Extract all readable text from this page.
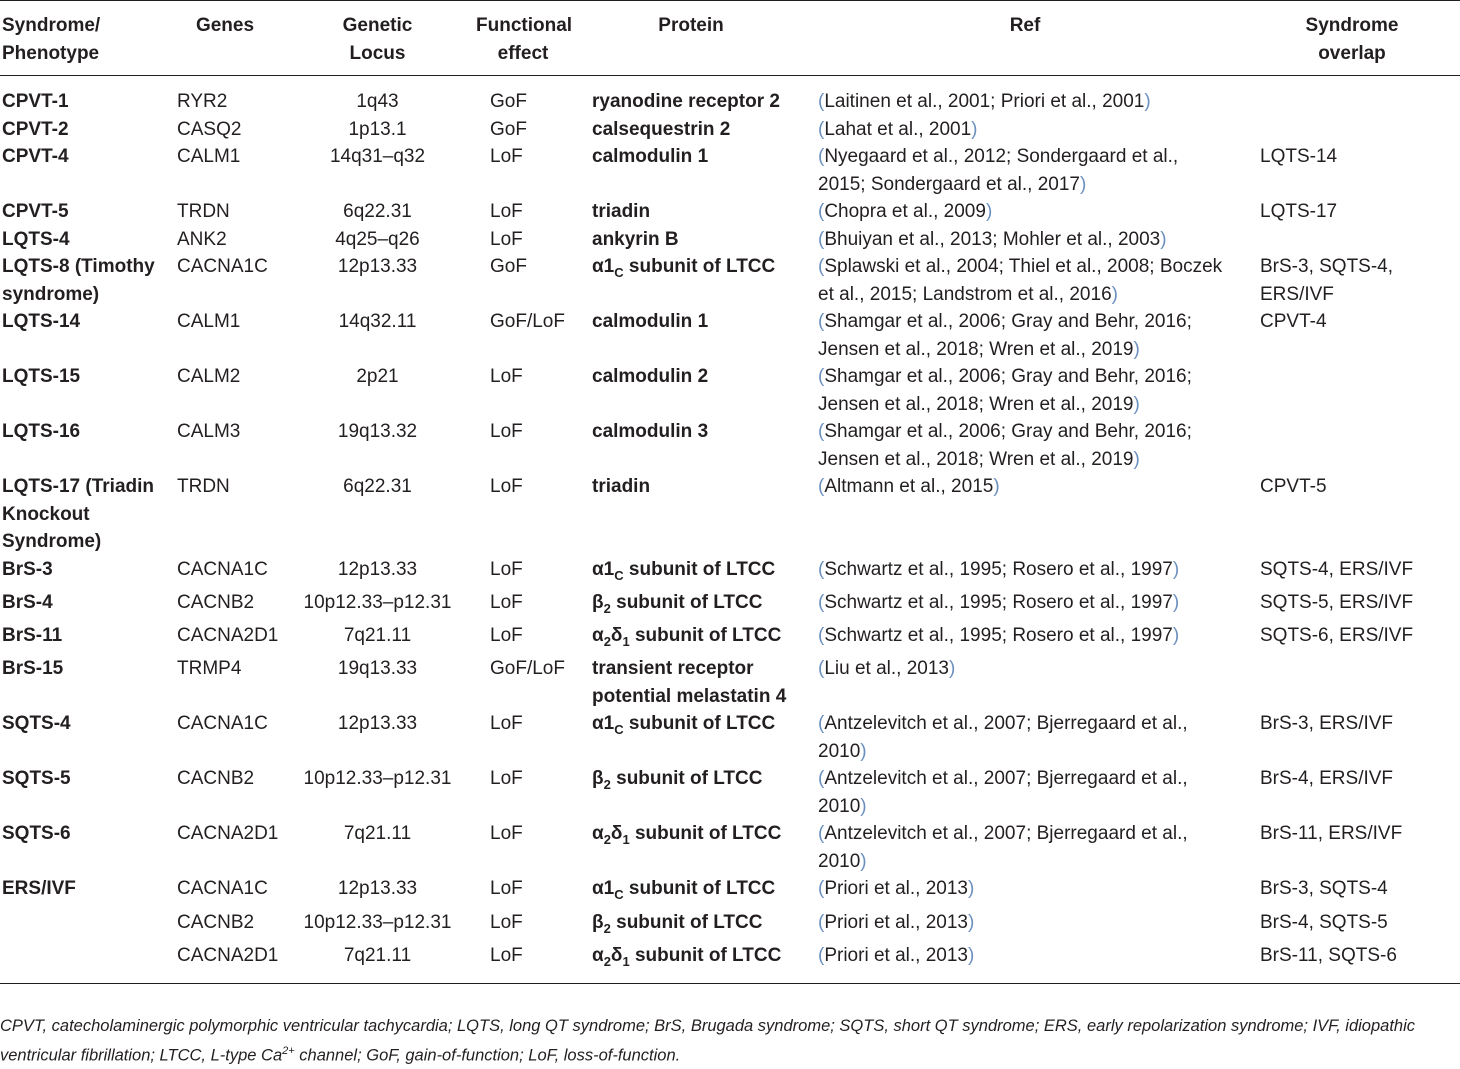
Syndrome/ Phenotype	Genes	Genetic Locus	Functional effect	Protein	Ref	Syndrome overlap
CPVT-1	RYR2	1q43	GoF	ryanodine receptor 2	(Laitinen et al., 2001; Priori et al., 2001)	
CPVT-2	CASQ2	1p13.1	GoF	calsequestrin 2	(Lahat et al., 2001)	
CPVT-4	CALM1	14q31–q32	LoF	calmodulin 1	(Nyegaard et al., 2012; Sondergaard et al., 2015; Sondergaard et al., 2017)	LQTS-14
CPVT-5	TRDN	6q22.31	LoF	triadin	(Chopra et al., 2009)	LQTS-17
LQTS-4	ANK2	4q25–q26	LoF	ankyrin B	(Bhuiyan et al., 2013; Mohler et al., 2003)	
LQTS-8 (Timothy syndrome)	CACNA1C	12p13.33	GoF	$\alpha 1_C$ subunit of LTCC	(Splawski et al., 2004; Thiel et al., 2008; Boczek et al., 2015; Landstrom et al., 2016)	BrS-3, SQTS-4, ERS/IVF
LQTS-14	CALM1	14q32.11	GoF/LoF	calmodulin 1	(Shamgar et al., 2006; Gray and Behr, 2016; Jensen et al., 2018; Wren et al., 2019)	CPVT-4
LQTS-15	CALM2	2p21	LoF	calmodulin 2	(Shamgar et al., 2006; Gray and Behr, 2016; Jensen et al., 2018; Wren et al., 2019)	
LQTS-16	CALM3	19q13.32	LoF	calmodulin 3	(Shamgar et al., 2006; Gray and Behr, 2016; Jensen et al., 2018; Wren et al., 2019)	
LQTS-17 (Triadin Knockout Syndrome)	TRDN	6q22.31	LoF	triadin	(Altmann et al., 2015)	CPVT-5
BrS-3	CACNA1C	12p13.33	LoF	$\alpha 1_C$ subunit of LTCC	(Schwartz et al., 1995; Rosero et al., 1997)	SQTS-4, ERS/IVF
BrS-4	CACNB2	10p12.33–p12.31	LoF	$\beta_2$ subunit of LTCC	(Schwartz et al., 1995; Rosero et al., 1997)	SQTS-5, ERS/IVF
BrS-11	CACNA2D1	7q21.11	LoF	$\alpha_2\delta_1$ subunit of LTCC	(Schwartz et al., 1995; Rosero et al., 1997)	SQTS-6, ERS/IVF
BrS-15	TRMP4	19q13.33	GoF/LoF	transient receptor potential melastatin 4	(Liu et al., 2013)	
SQTS-4	CACNA1C	12p13.33	LoF	$\alpha 1_C$ subunit of LTCC	(Antzelevitch et al., 2007; Bjerregaard et al., 2010)	BrS-3, ERS/IVF
SQTS-5	CACNB2	10p12.33–p12.31	LoF	$\beta_2$ subunit of LTCC	(Antzelevitch et al., 2007; Bjerregaard et al., 2010)	BrS-4, ERS/IVF
SQTS-6	CACNA2D1	7q21.11	LoF	$\alpha_2\delta_1$ subunit of LTCC	(Antzelevitch et al., 2007; Bjerregaard et al., 2010)	BrS-11, ERS/IVF
ERS/IVF	CACNA1C	12p13.33	LoF	$\alpha 1_C$ subunit of LTCC	(Priori et al., 2013)	BrS-3, SQTS-4
	CACNB2	10p12.33–p12.31	LoF	$\beta_2$ subunit of LTCC	(Priori et al., 2013)	BrS-4, SQTS-5
	CACNA2D1	7q21.11	LoF	$\alpha_2\delta_1$ subunit of LTCC	(Priori et al., 2013)	BrS-11, SQTS-6
CPVT, catecholaminergic polymorphic ventricular tachycardia; LQTS, long QT syndrome; BrS, Brugada syndrome; SQTS, short QT syndrome; ERS, early repolarization syndrome; IVF, idiopathic ventricular fibrillation; LTCC, L-type $Ca^{2+}$ channel; GoF, gain-of-function; LoF, loss-of-function.
